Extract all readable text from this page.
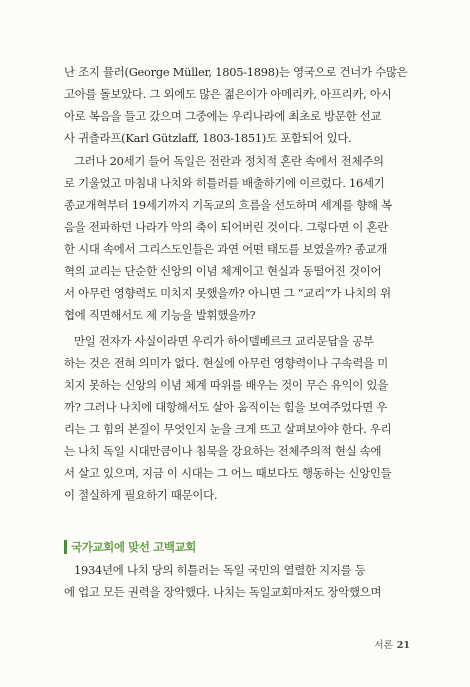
난 조지 뮬러(George Müller, 1805-1898)는 영국으로 건너가 수많은
고아를 돌보았다. 그 외에도 많은 젊은이가 아메리카, 아프리카, 아시
아로 복음을 들고 갔으며 그중에는 우리나라에 최초로 방문한 선교
사 귀츨라프(Karl Gützlaff, 1803-1851)도 포함되어 있다.
그러나 20세기 들어 독일은 전란과 정치적 혼란 속에서 전체주의
로 기울었고 마침내 나치와 히틀러를 배출하기에 이르렀다. 16세기
종교개혁부터 19세기까지 기독교의 흐름을 선도하며 세계를 향해 복
음을 전파하던 나라가 악의 축이 되어버린 것이다. 그렇다면 이 혼란
한 시대 속에서 그리스도인들은 과연 어떤 태도를 보였을까? 종교개
혁의 교리는 단순한 신앙의 이념 체계이고 현실과 동떨어진 것이어
서 아무런 영향력도 미치지 못했을까? 아니면 그 “교리”가 나치의 위
협에 직면해서도 제 기능을 발휘했을까?
만일 전자가 사실이라면 우리가 하이델베르크 교리문답을 공부
하는 것은 전혀 의미가 없다. 현실에 아무런 영향력이나 구속력을 미
치지 못하는 신앙의 이념 체계 따위를 배우는 것이 무슨 유익이 있을
까? 그러나 나치에 대항해서도 살아 움직이는 힘을 보여주었다면 우
리는 그 힘의 본질이 무엇인지 눈을 크게 뜨고 살펴보아야 한다. 우리
는 나치 독일 시대만큼이나 침묵을 강요하는 전체주의적 현실 속에
서 살고 있으며, 지금 이 시대는 그 어느 때보다도 행동하는 신앙인들
이 절실하게 필요하기 때문이다.
국가교회에 맞선 고백교회
1934년에 나치 당의 히틀러는 독일 국민의 열렬한 지지를 등
에 업고 모든 권력을 장악했다. 나치는 독일교회마저도 장악했으며
서론 21
